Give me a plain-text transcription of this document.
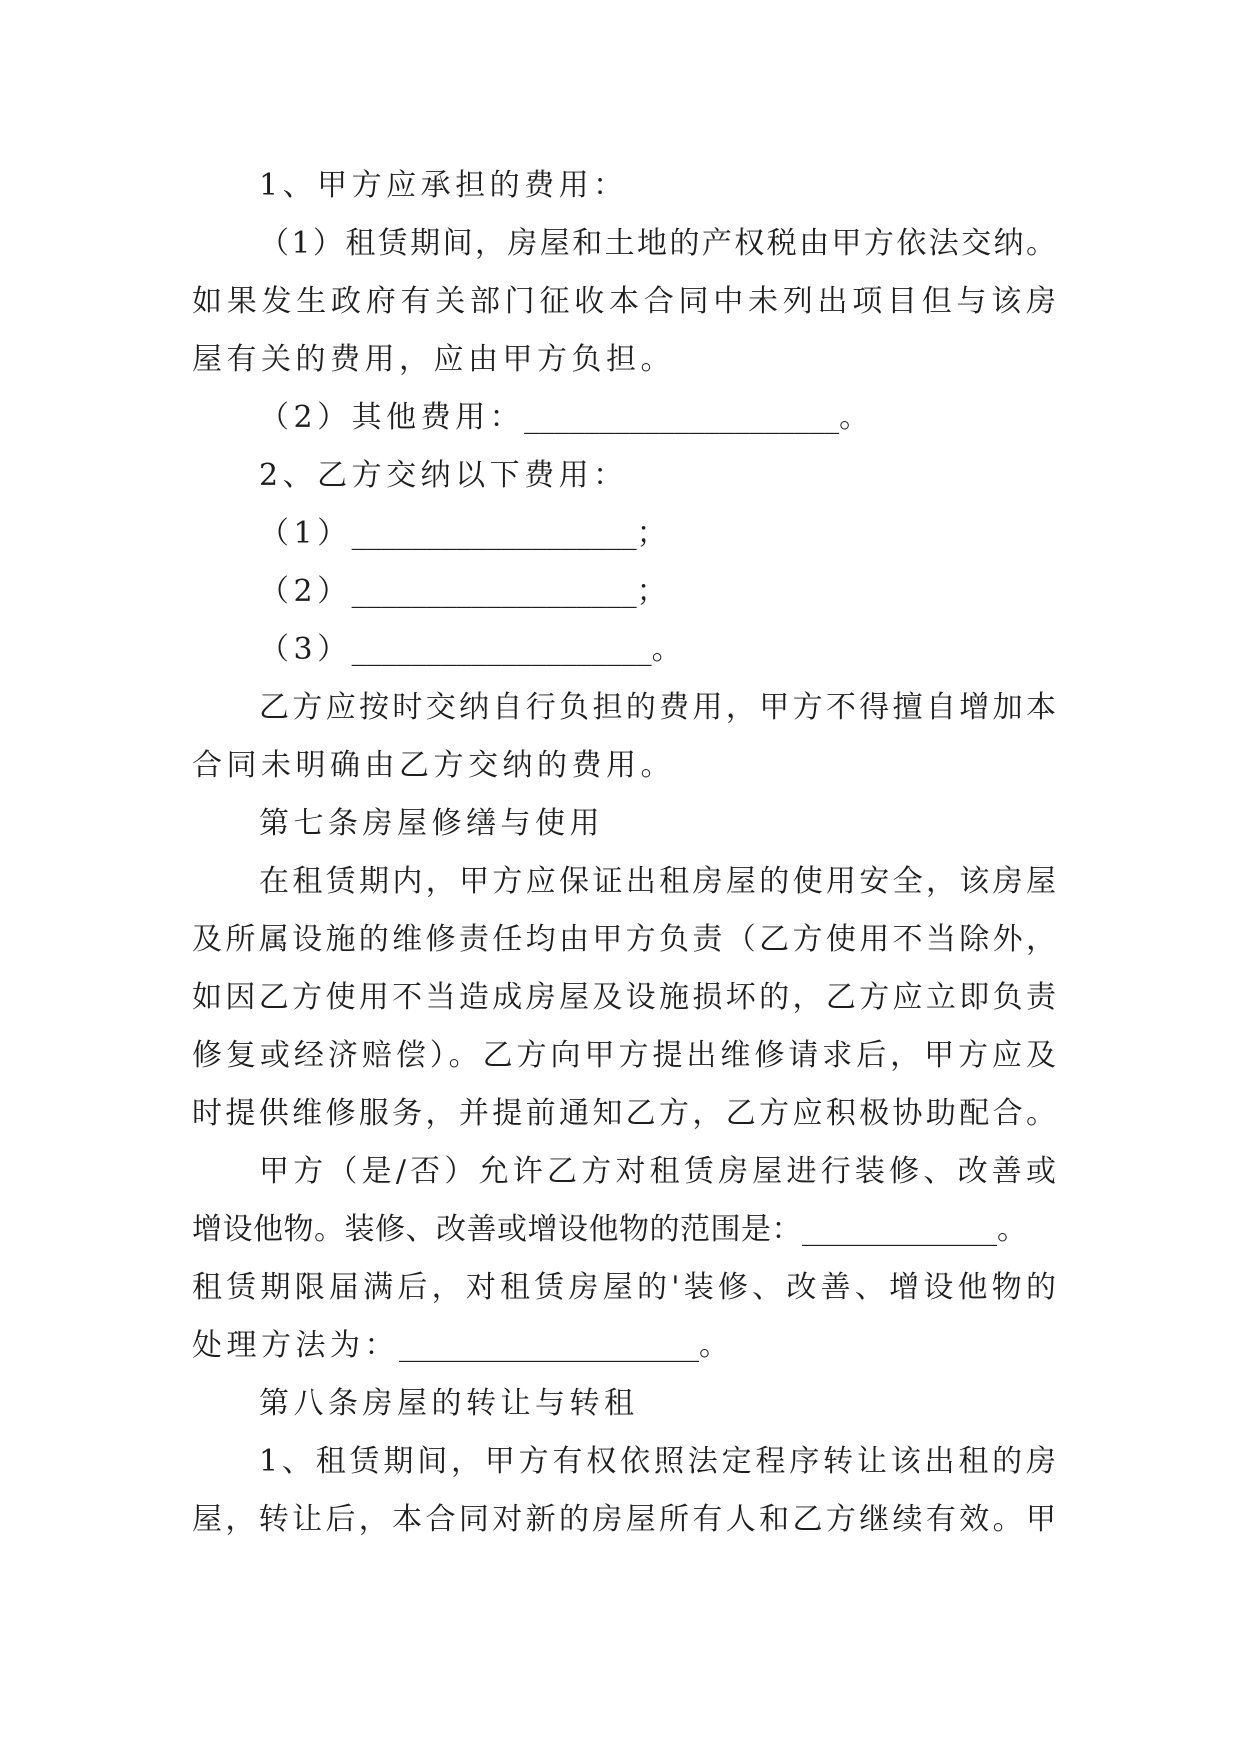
1、甲方应承担的费用：
（1）租赁期间，房屋和土地的产权税由甲方依法交纳。
如果发生政府有关部门征收本合同中未列出项目但与该房
屋有关的费用，应由甲方负担。
（2）其他费用：_____________________。
2、乙方交纳以下费用：
（1）___________________；
（2）___________________；
（3）____________________。
乙方应按时交纳自行负担的费用，甲方不得擅自增加本
合同未明确由乙方交纳的费用。
第七条房屋修缮与使用
在租赁期内，甲方应保证出租房屋的使用安全，该房屋
及所属设施的维修责任均由甲方负责（乙方使用不当除外，
如因乙方使用不当造成房屋及设施损坏的，乙方应立即负责
修复或经济赔偿）。乙方向甲方提出维修请求后，甲方应及
时提供维修服务，并提前通知乙方，乙方应积极协助配合。
甲方（是/否）允许乙方对租赁房屋进行装修、改善或
增设他物。装修、改善或增设他物的范围是：_____________。
租赁期限届满后，对租赁房屋的'装修、改善、增设他物的
处理方法为：____________________。
第八条房屋的转让与转租
1、租赁期间，甲方有权依照法定程序转让该出租的房
屋，转让后，本合同对新的房屋所有人和乙方继续有效。甲
